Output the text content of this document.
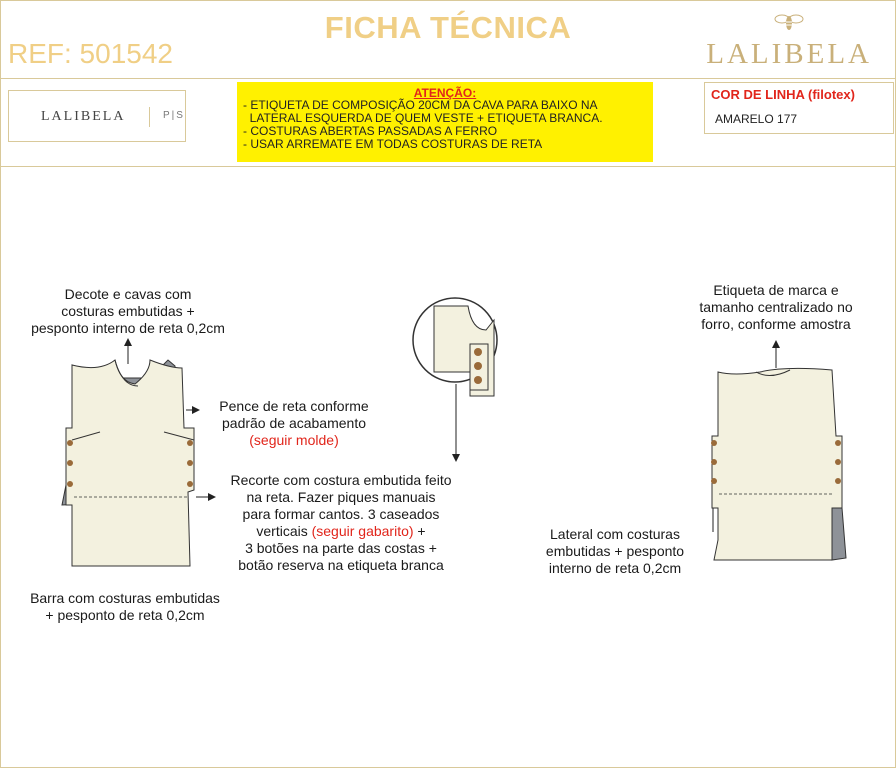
FICHA TÉCNICA
REF: 501542	LALIBELA
LALIBELA	P|S
ATENÇÃO:
- ETIQUETA DE COMPOSIÇÃO 20CM DA CAVA PARA BAIXO NA
LATERAL ESQUERDA DE QUEM VESTE + ETIQUETA BRANCA.
- COSTURAS ABERTAS PASSADAS A FERRO
- USAR ARREMATE EM TODAS COSTURAS DE RETA
COR DE LINHA (filotex)
AMARELO 177
Decote e cavas com
costuras embutidas +
pesponto interno de reta 0,2cm
Pence de reta conforme
padrão de acabamento
(seguir molde)
Recorte com costura embutida feito
na reta. Fazer piques manuais
para formar cantos. 3 caseados
verticais (seguir gabarito) +
3 botões na parte das costas +
botão reserva na etiqueta branca
Barra com costuras embutidas
+ pesponto de reta 0,2cm
Etiqueta de marca e
tamanho centralizado no
forro, conforme amostra
Lateral com costuras
embutidas + pesponto
interno de reta 0,2cm
